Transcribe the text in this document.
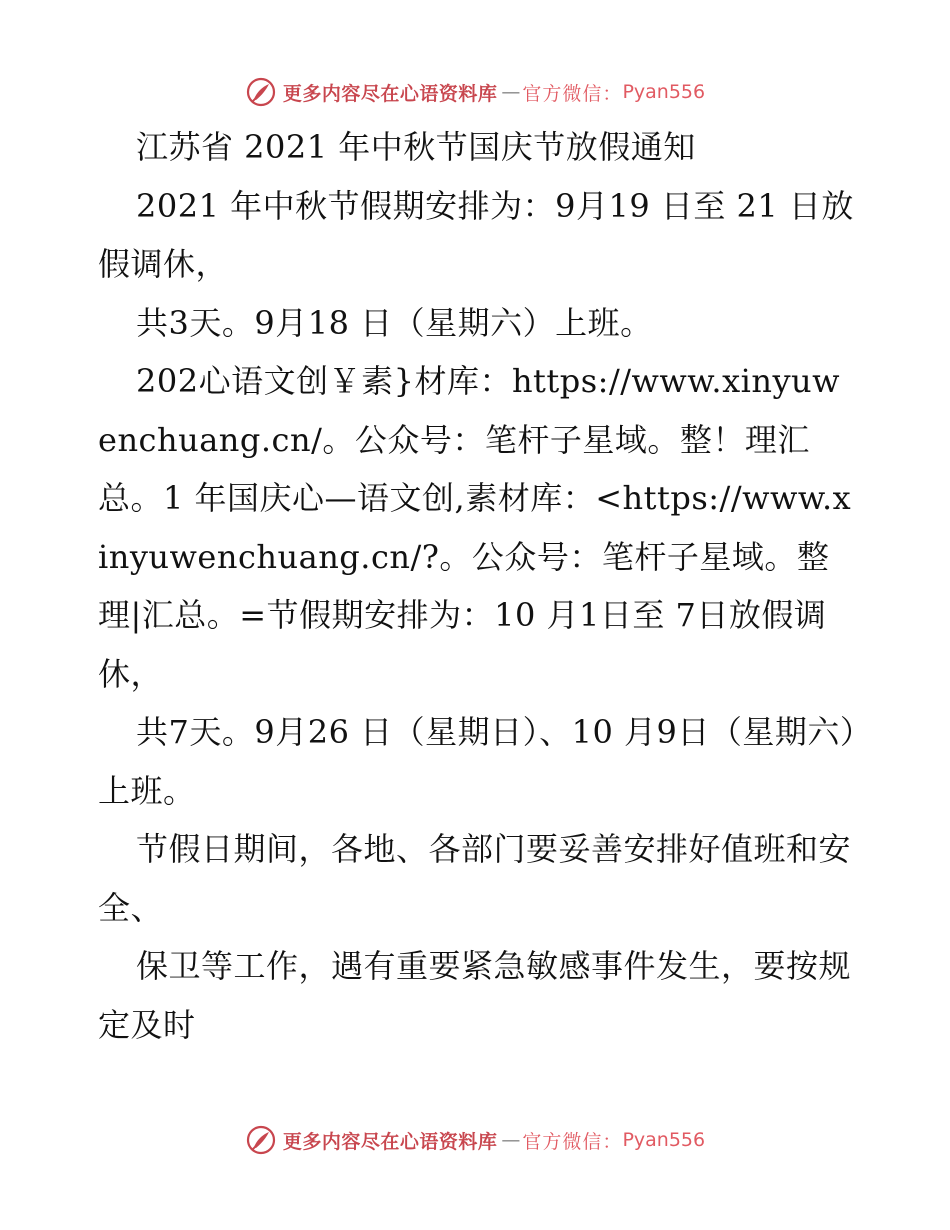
更多内容尽在心语资料库 — 官方微信： Pyan556

江苏省 2021 年中秋节国庆节放假通知

2021 年中秋节假期安排为：9月19 日至 21 日放假调休，

共3天。9月18 日（星期六）上班。

202心语文创￥素}材库：https://www.xinyuwenchuang.cn/。公众号：笔杆子星域。整！理汇总。1 年国庆心—语文创,素材库：<https://www.xinyuwenchuang.cn/?。公众号：笔杆子星域。整理|汇总。=节假期安排为：10 月1日至 7日放假调休，

共7天。9月26 日（星期日）、10 月9日（星期六）上班。

节假日期间，各地、各部门要妥善安排好值班和安全、

保卫等工作，遇有重要紧急敏感事件发生，要按规定及时

更多内容尽在心语资料库 — 官方微信： Pyan556
